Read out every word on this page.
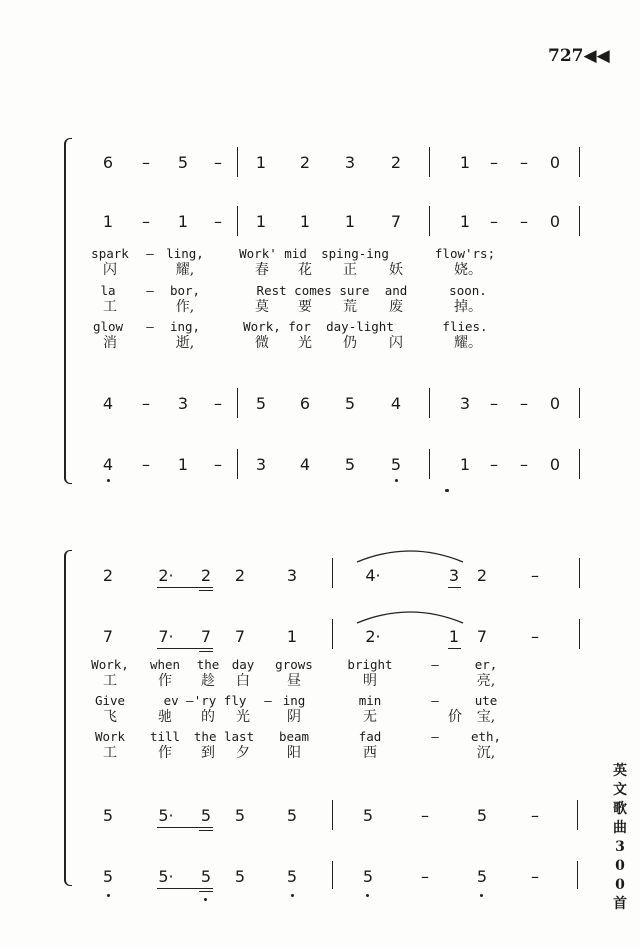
727◀◀
6 – 5 – 1 2 3 2	1 – – 0
1 – 1 – 1 1 1 7	1 – – 0
4 – 3 – 5 6 5 4	3 – – 0
4 – 1 – 3 4 5 5	1 – – 0
spark – ling,	Work' mid sping-ing	flow'rs;
闪	耀,	春 花 正 妖	娆。
la – bor,	Rest comes sure and	soon.
工	作,	莫 要 荒 废	掉。
glow – ing,	Work, for day-light	flies.
消	逝,	微 光 仍 闪	耀。
2	2· 2 2	3	4·	3 2	–
7	7· 7 7	1	2·	1 7	–
5	5· 5 5	5	5	–	5	–
5	5· 5 5	5	5	–	5	–
Work, when the day grows	bright	–	er,
工	作 趁 白	昼	明	亮,
Give	ev –'ry fly – ing	min	–	ute
飞	驰 的 光	阴	无	价 宝,
Work till the last beam	fad	–	eth,
工	作 到 夕	阳	西	沉,
英
文
歌
曲
3
0
0
首
